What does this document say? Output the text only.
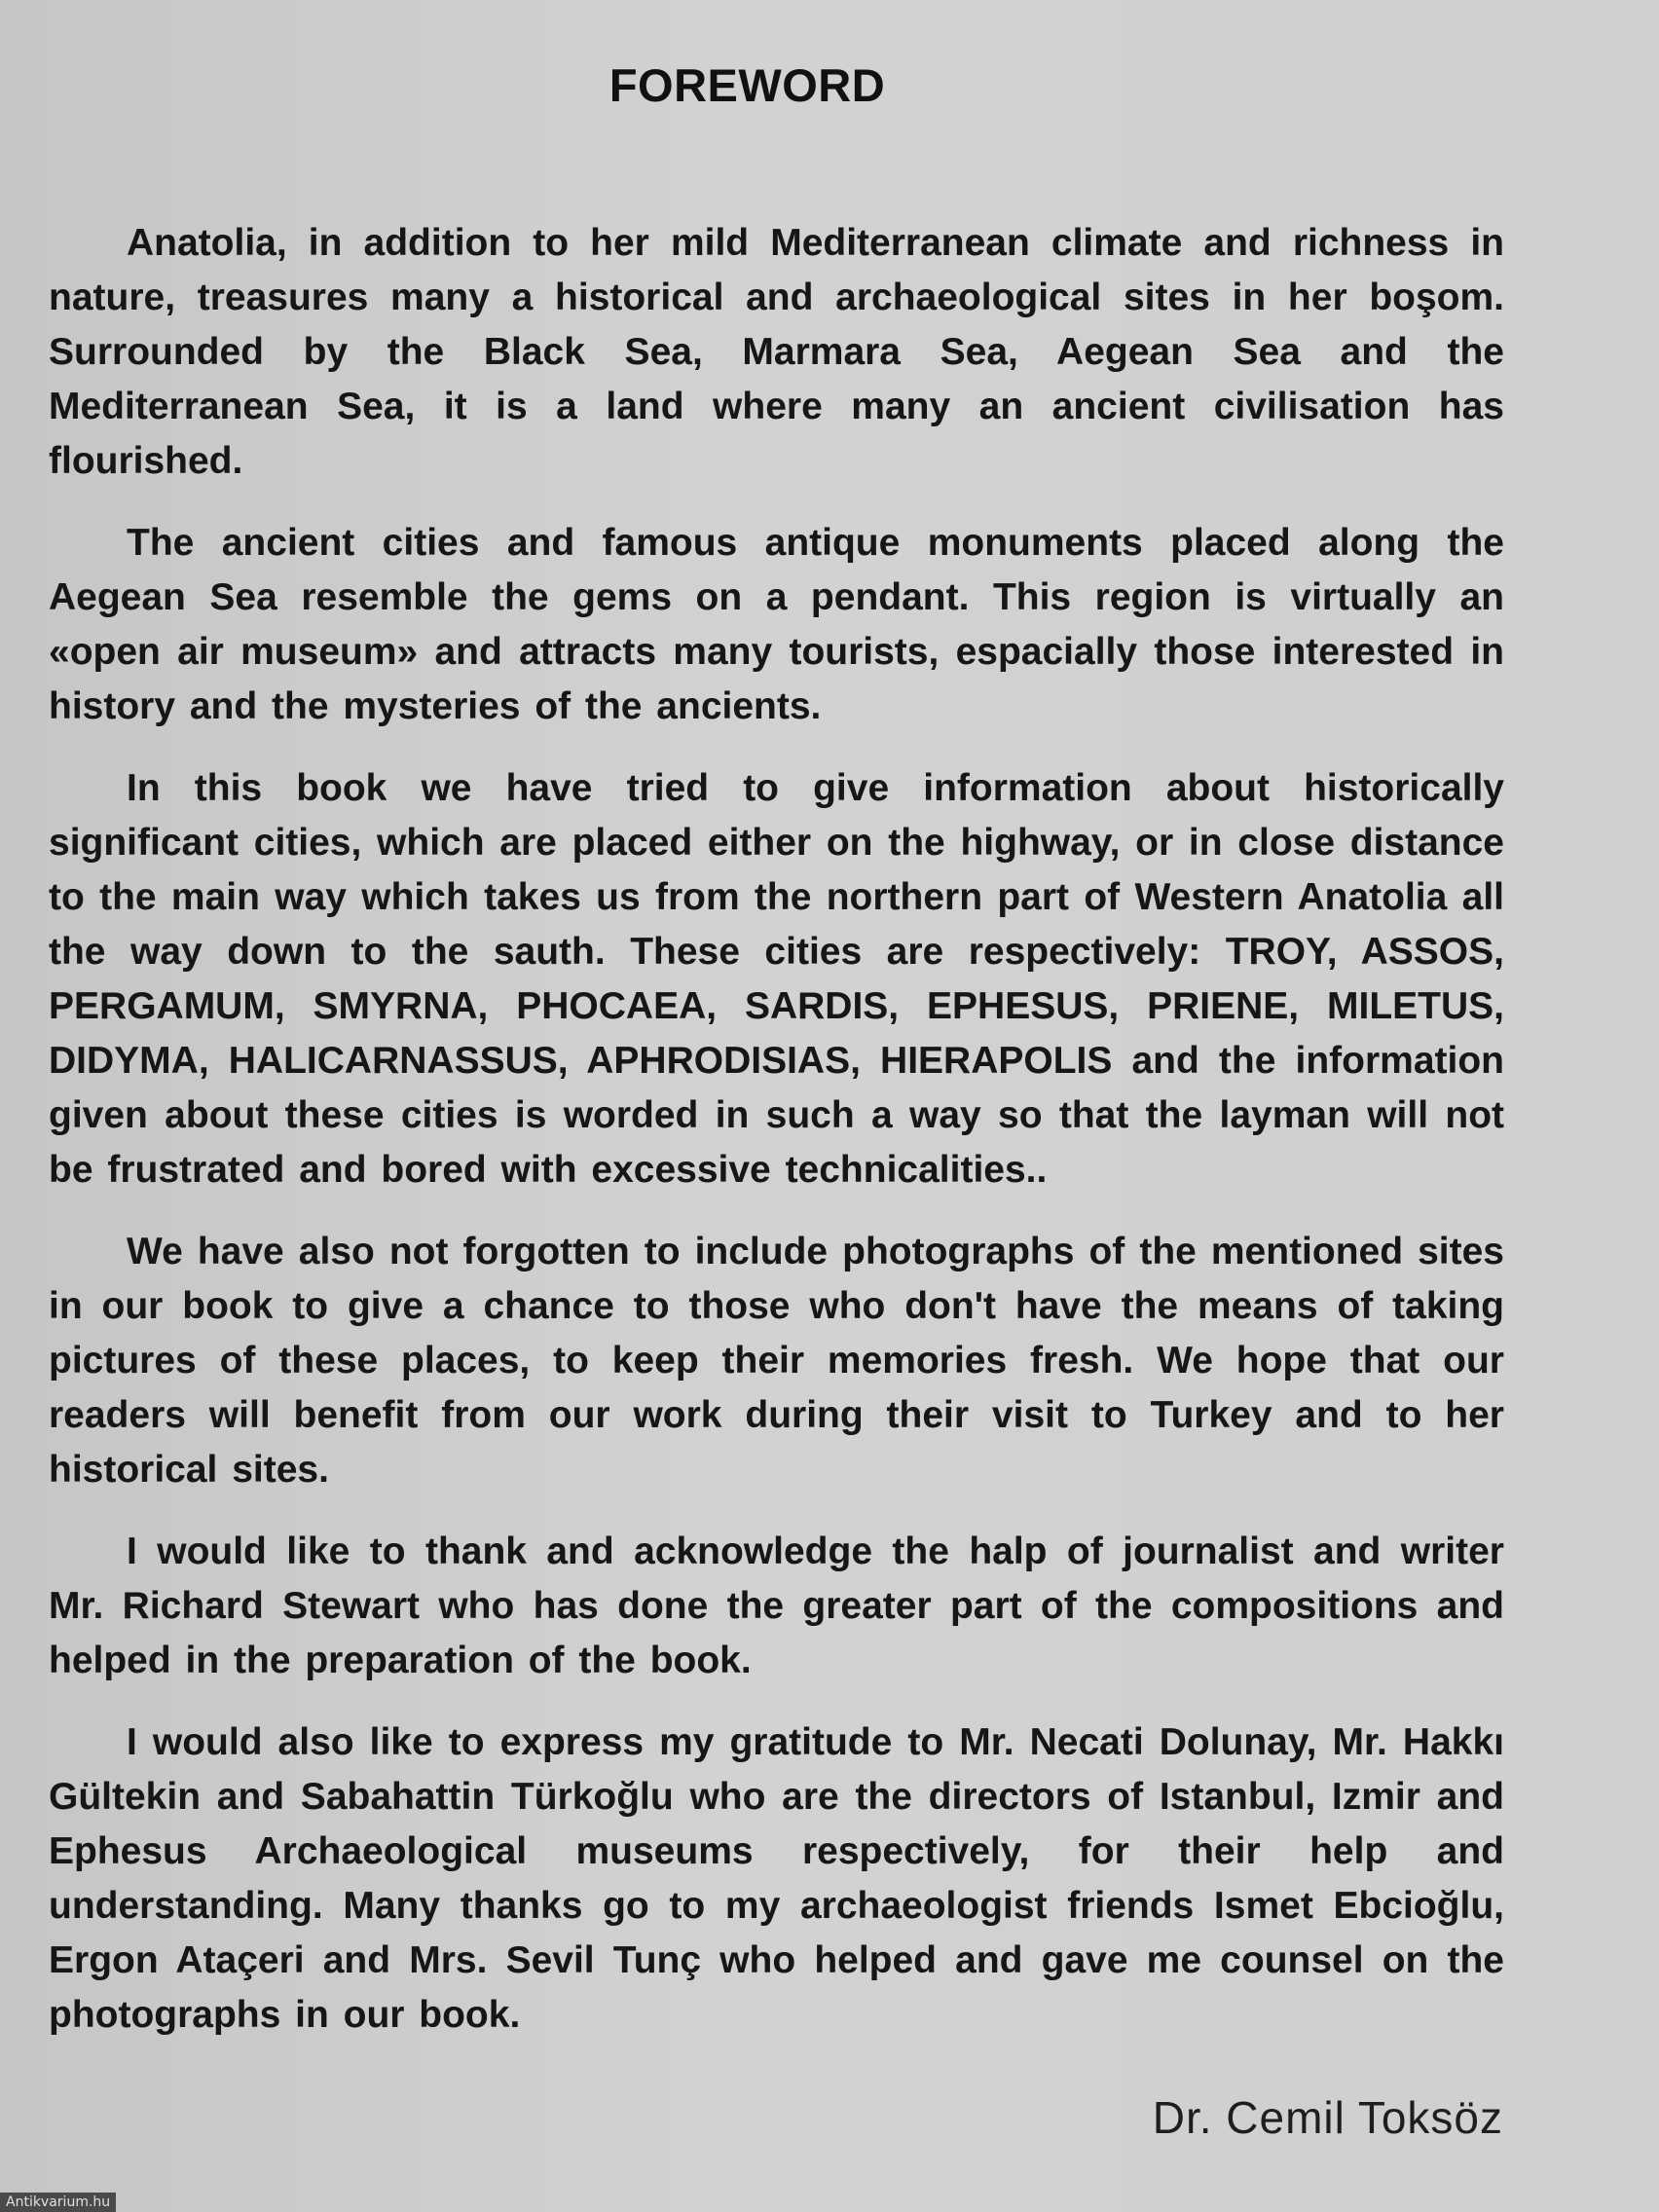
FOREWORD

Anatolia, in addition to her mild Mediterranean climate and richness in nature, treasures many a historical and archaeological sites in her boşom. Surrounded by the Black Sea, Marmara Sea, Aegean Sea and the Mediterranean Sea, it is a land where many an ancient civilisation has flourished.

The ancient cities and famous antique monuments placed along the Aegean Sea resemble the gems on a pendant. This region is virtually an «open air museum» and attracts many tourists, espacially those interested in history and the mysteries of the ancients.

In this book we have tried to give information about historically significant cities, which are placed either on the highway, or in close distance to the main way which takes us from the northern part of Western Anatolia all the way down to the sauth. These cities are respectively: TROY, ASSOS, PERGAMUM, SMYRNA, PHOCAEA, SARDIS, EPHESUS, PRIENE, MILETUS, DIDYMA, HALICARNASSUS, APHRODISIAS, HIERAPOLIS and the information given about these cities is worded in such a way so that the layman will not be frustrated and bored with excessive technicalities..

We have also not forgotten to include photographs of the mentioned sites in our book to give a chance to those who don't have the means of taking pictures of these places, to keep their memories fresh. We hope that our readers will benefit from our work during their visit to Turkey and to her historical sites.

I would like to thank and acknowledge the halp of journalist and writer Mr. Richard Stewart who has done the greater part of the compositions and helped in the preparation of the book.

I would also like to express my gratitude to Mr. Necati Dolunay, Mr. Hakkı Gültekin and Sabahattin Türkoğlu who are the directors of Istanbul, Izmir and Ephesus Archaeological museums respectively, for their help and understanding. Many thanks go to my archaeologist friends Ismet Ebcioğlu, Ergon Ataçeri and Mrs. Sevil Tunç who helped and gave me counsel on the photographs in our book.

Dr. Cemil Toksöz
Antikvarium.hu
